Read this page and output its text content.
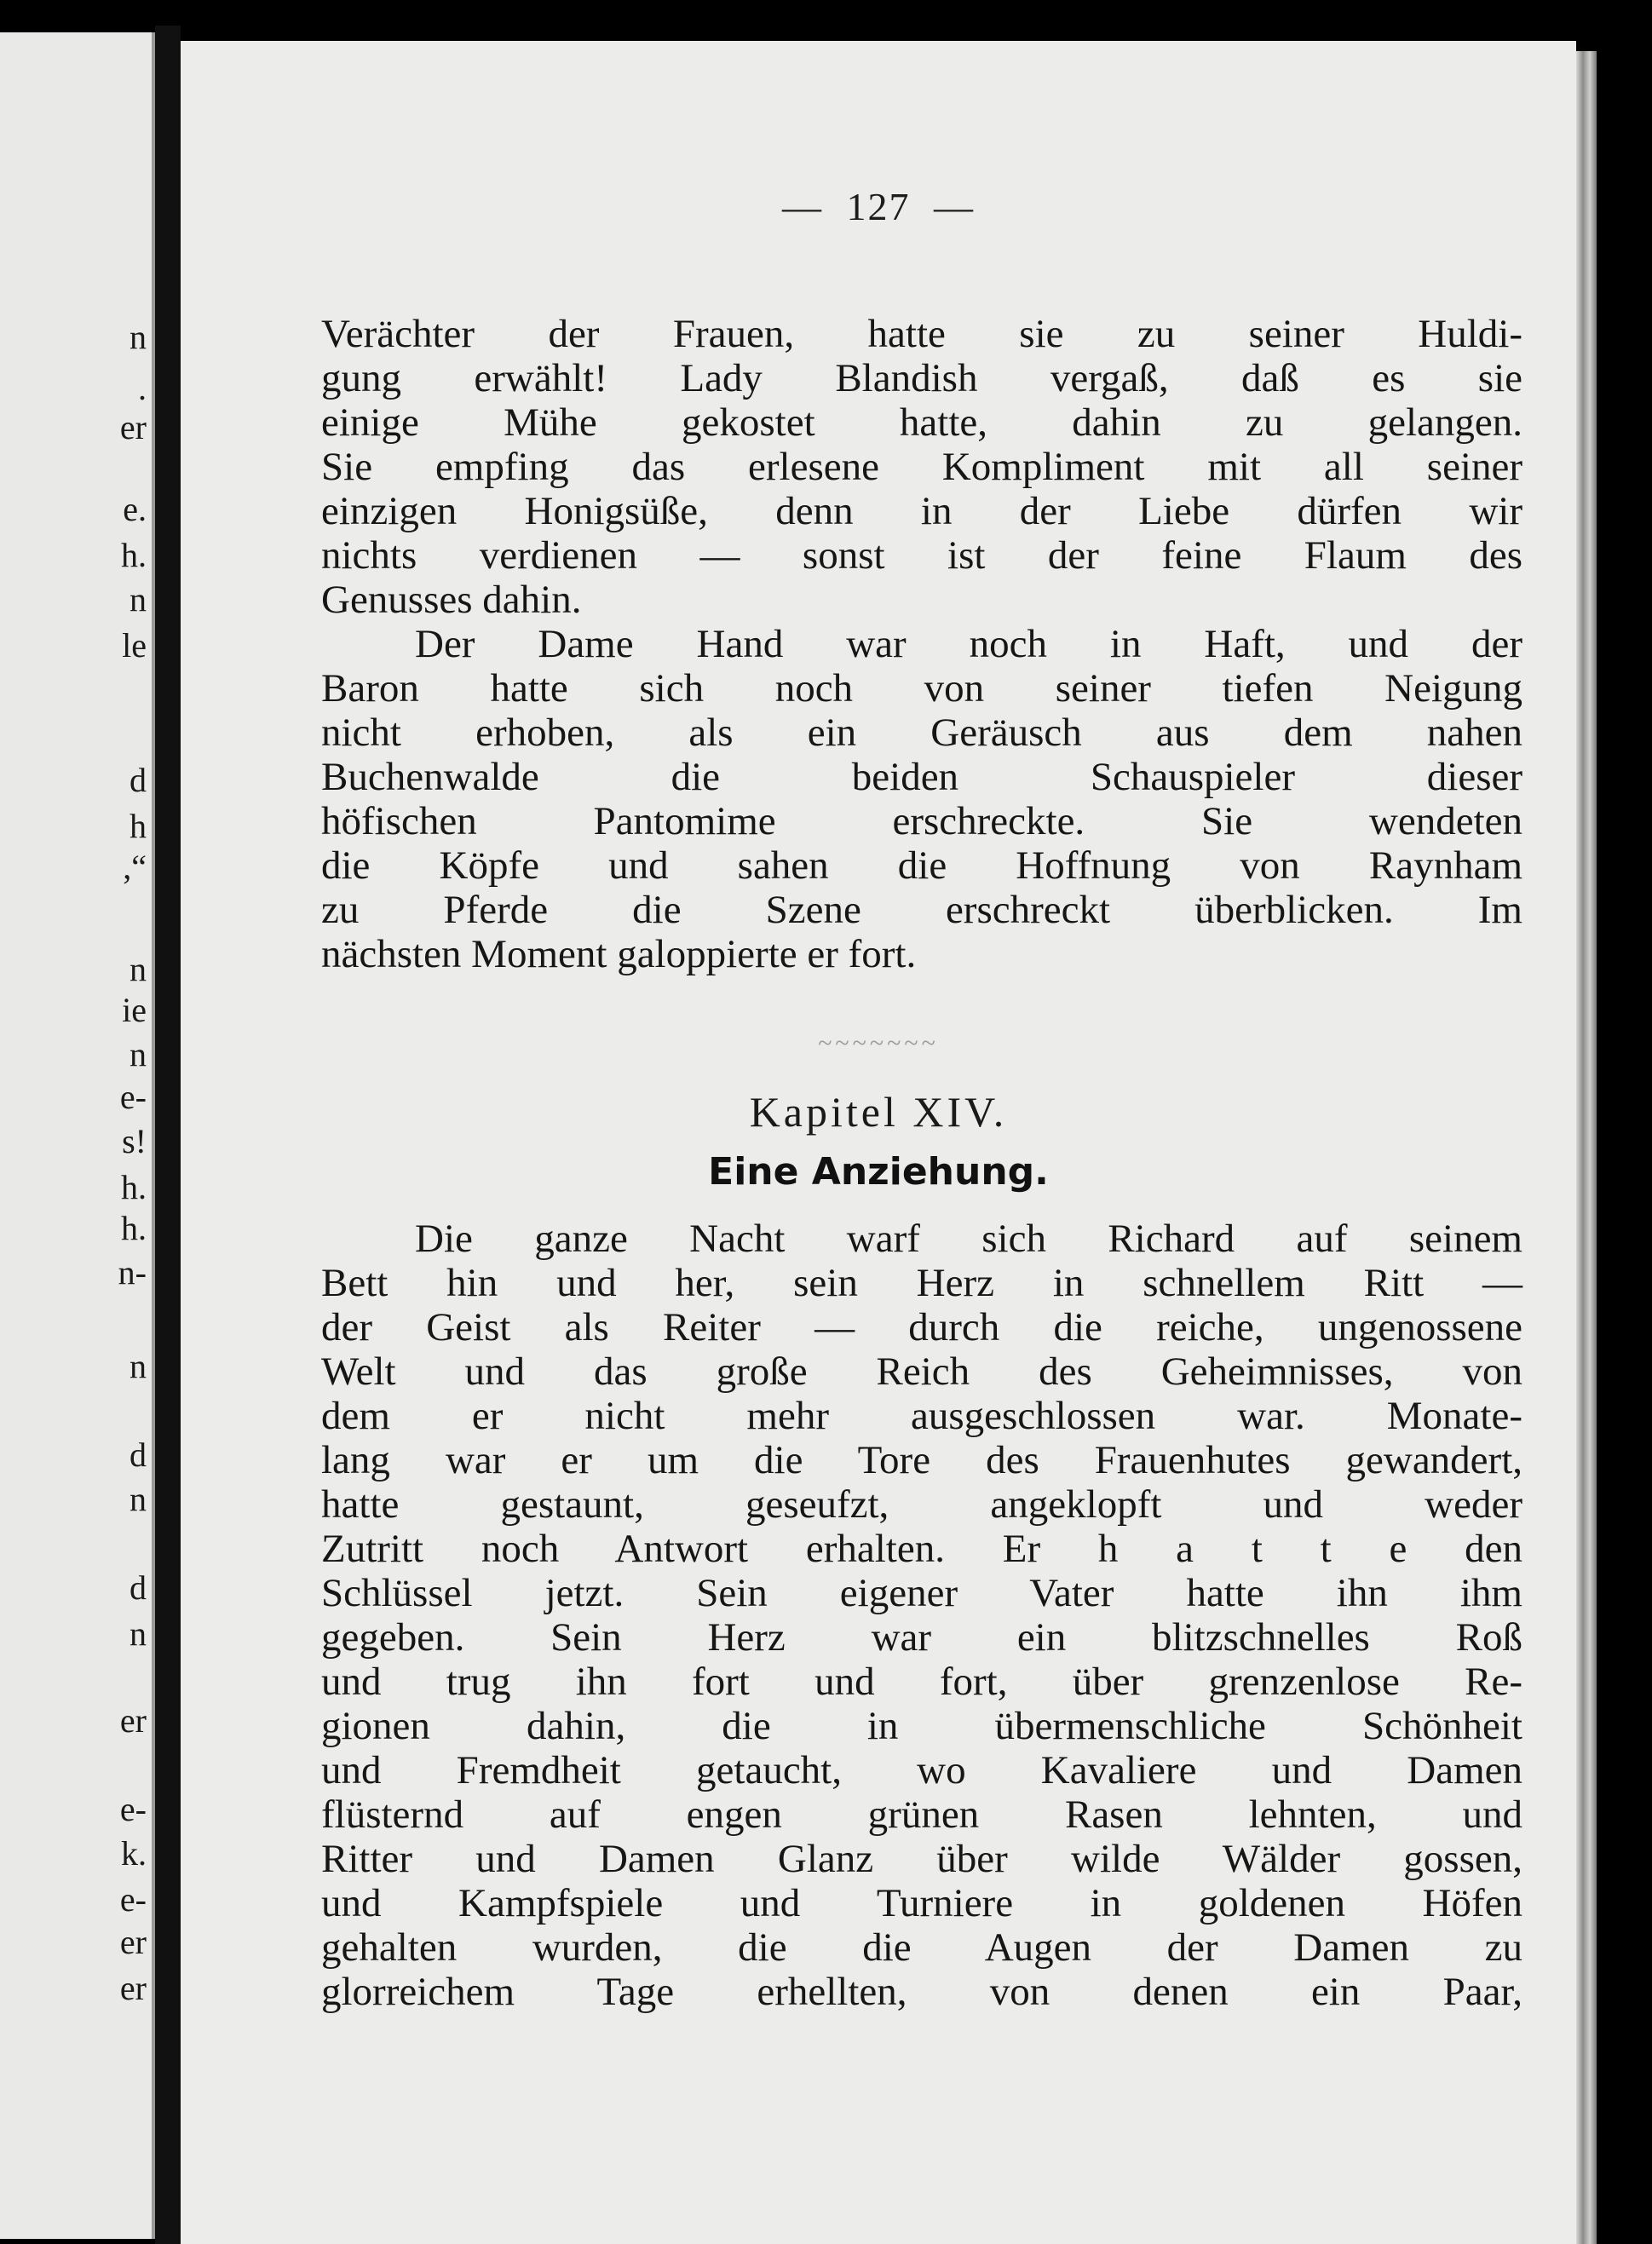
n
.
er
e.
h.
n
le
d
h
,“
n
ie
n
e-
s!
h.
h.
n-
n
d
n
d
n
er
e-
k.
e-
er
er
— 127 —
Verächter der Frauen, hatte sie zu seiner Huldi-
gung erwählt! Lady Blandish vergaß, daß es sie
einige Mühe gekostet hatte, dahin zu gelangen.
Sie empfing das erlesene Kompliment mit all seiner
einzigen Honigsüße, denn in der Liebe dürfen wir
nichts verdienen — sonst ist der feine Flaum des
Genusses dahin.
Der Dame Hand war noch in Haft, und der
Baron hatte sich noch von seiner tiefen Neigung
nicht erhoben, als ein Geräusch aus dem nahen
Buchenwalde die beiden Schauspieler dieser
höfischen Pantomime erschreckte. Sie wendeten
die Köpfe und sahen die Hoffnung von Raynham
zu Pferde die Szene erschreckt überblicken. Im
nächsten Moment galoppierte er fort.
~~~~~~~
Kapitel XIV.
Eine Anziehung.
Die ganze Nacht warf sich Richard auf seinem
Bett hin und her, sein Herz in schnellem Ritt —
der Geist als Reiter — durch die reiche, ungenossene
Welt und das große Reich des Geheimnisses, von
dem er nicht mehr ausgeschlossen war. Monate-
lang war er um die Tore des Frauenhutes gewandert,
hatte gestaunt, geseufzt, angeklopft und weder
Zutritt noch Antwort erhalten. Er h a t t e den
Schlüssel jetzt. Sein eigener Vater hatte ihn ihm
gegeben. Sein Herz war ein blitzschnelles Roß
und trug ihn fort und fort, über grenzenlose Re-
gionen dahin, die in übermenschliche Schönheit
und Fremdheit getaucht, wo Kavaliere und Damen
flüsternd auf engen grünen Rasen lehnten, und
Ritter und Damen Glanz über wilde Wälder gossen,
und Kampfspiele und Turniere in goldenen Höfen
gehalten wurden, die die Augen der Damen zu
glorreichem Tage erhellten, von denen ein Paar,
